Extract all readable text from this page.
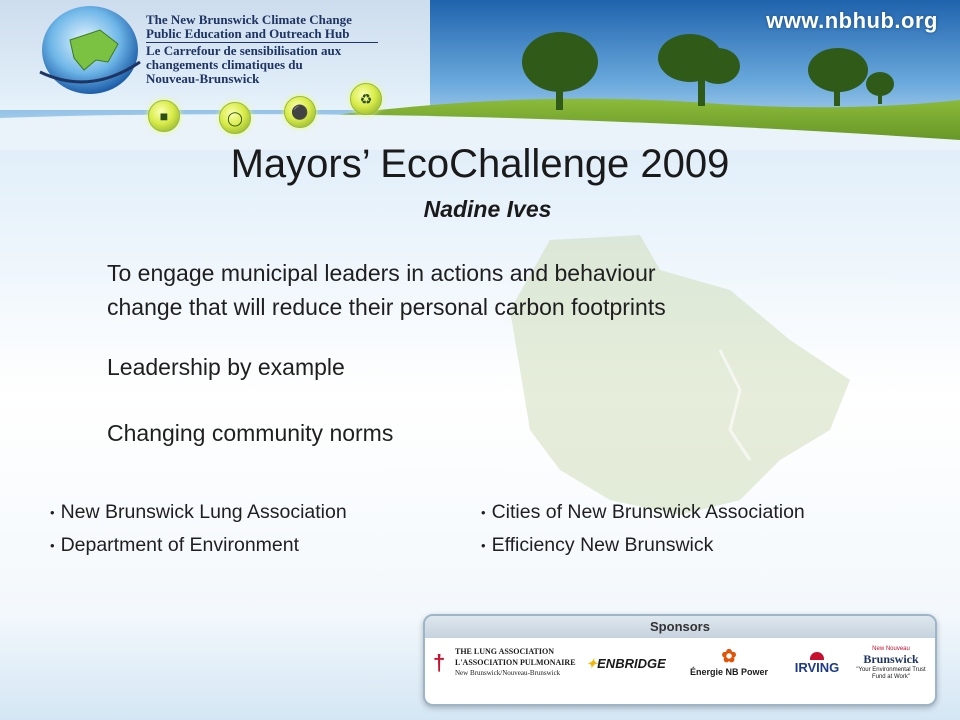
The New Brunswick Climate Change
Public Education and Outreach Hub
Le Carrefour de sensibilisation aux
changements climatiques du
Nouveau-Brunswick
www.nbhub.org
■	◯	⚫
♻
Mayors’ EcoChallenge 2009
Nadine Ives
To engage municipal leaders in actions and behaviour
change that will reduce their personal carbon footprints
Leadership by example
Changing community norms
• New Brunswick Lung Association
• Department of Environment
• Cities of New Brunswick Association
• Efficiency New Brunswick
Sponsors
† THE LUNG ASSOCIATION
L'ASSOCIATION PULMONAIRE
New Brunswick/Nouveau-Brunswick
✦ENBRIDGE	✿
Énergie NB Power	IRVING
New Nouveau
Brunswick
"Your Environmental Trust Fund at Work"
